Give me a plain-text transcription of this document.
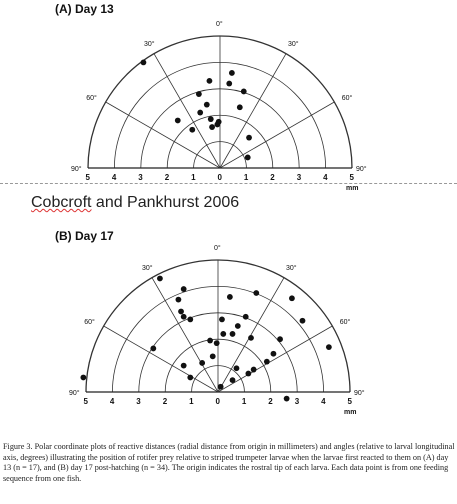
(A) Day 13
0°
30°	30°
60°	60°
90°	90°
5	4	3	2	1	0	1	2	3	4	5
mm
(B) Day 17
0°
30°	30°
60°	60°
90°	90°
5	4	3	2	1	0	1	2	3	4	5
mm
Cobcroft and Pankhurst 2006
Figure 3. Polar coordinate plots of reactive distances (radial distance from origin in millimeters) and angles (relative to larval longitudinal axis, degrees) illustrating the position of rotifer prey relative to striped trumpeter larvae when the larvae first reacted to them on (A) day 13 (n = 17), and (B) day 17 post-hatching (n = 34). The origin indicates the rostral tip of each larva. Each data point is from one feeding sequence from one fish.
